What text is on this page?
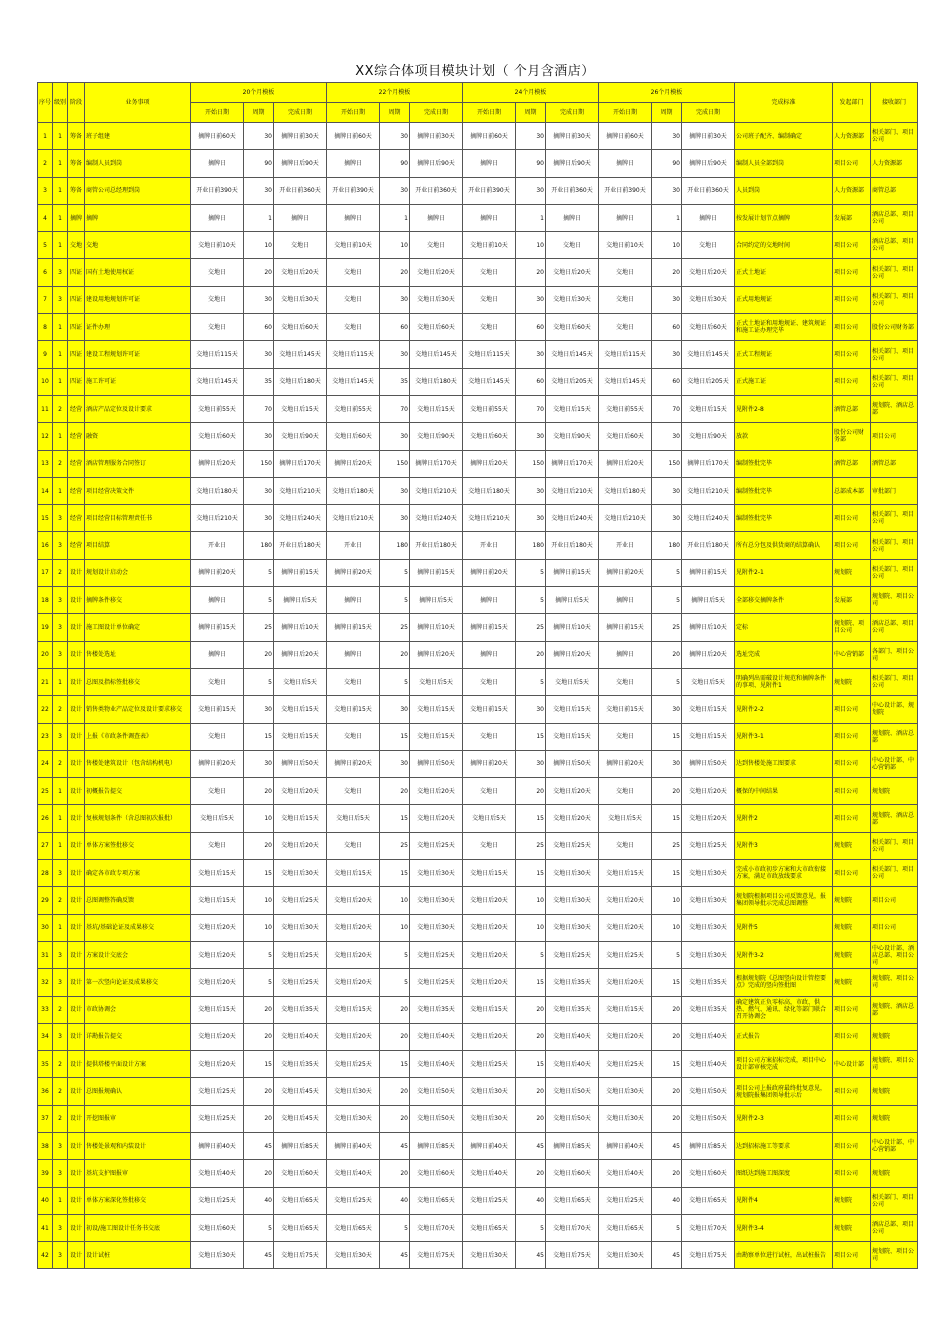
XX综合体项目模块计划（ 个月含酒店）
序号	级别	阶段	业务事项	20个月模板			22个月模板			24个月模板			26个月模板			完成标准	发起部门	接收部门
				开始日期	周期	完成日期	开始日期	周期	完成日期	开始日期	周期	完成日期	开始日期	周期	完成日期			
1	1	筹备	班子组建	摘牌日前60天	30	摘牌日前30天	摘牌日前60天	30	摘牌日前30天	摘牌日前60天	30	摘牌日前30天	摘牌日前60天	30	摘牌日前30天	公司班子配齐、编制确定	人力资源部	相关部门、项目公司
2	1	筹备	编制人员到岗	摘牌日	90	摘牌日后90天	摘牌日	90	摘牌日后90天	摘牌日	90	摘牌日后90天	摘牌日	90	摘牌日后90天	编制人员全部到岗	项目公司	人力资源部
3	1	筹备	商管公司总经理到岗	开业日前390天	30	开业日前360天	开业日前390天	30	开业日前360天	开业日前390天	30	开业日前360天	开业日前390天	30	开业日前360天	人员到岗	人力资源部	商管总部
4	1	摘牌	摘牌	摘牌日	1	摘牌日	摘牌日	1	摘牌日	摘牌日	1	摘牌日	摘牌日	1	摘牌日	按发展计划节点摘牌	发展部	酒店总部、项目公司
5	1	交地	交地	交地日前10天	10	交地日	交地日前10天	10	交地日	交地日前10天	10	交地日	交地日前10天	10	交地日	合同约定的交地时间	项目公司	酒店总部、项目公司
6	3	四证	国有土地使用权证	交地日	20	交地日后20天	交地日	20	交地日后20天	交地日	20	交地日后20天	交地日	20	交地日后20天	正式土地证	项目公司	相关部门、项目公司
7	3	四证	建设用地规划许可证	交地日	30	交地日后30天	交地日	30	交地日后30天	交地日	30	交地日后30天	交地日	30	交地日后30天	正式用地规证	项目公司	相关部门、项目公司
8	1	四证	证件办理	交地日	60	交地日后60天	交地日	60	交地日后60天	交地日	60	交地日后60天	交地日	60	交地日后60天	正式土地证和用地规证、建筑规证和施工证办理完毕	项目公司	股份公司财务部
9	1	四证	建设工程规划许可证	交地日后115天	30	交地日后145天	交地日后115天	30	交地日后145天	交地日后115天	30	交地日后145天	交地日后115天	30	交地日后145天	正式工程规证	项目公司	相关部门、项目公司
10	1	四证	施工许可证	交地日后145天	35	交地日后180天	交地日后145天	35	交地日后180天	交地日后145天	60	交地日后205天	交地日后145天	60	交地日后205天	正式施工证	项目公司	相关部门、项目公司
11	2	经营	酒店产品定位及设计要求	交地日前55天	70	交地日后15天	交地日前55天	70	交地日后15天	交地日前55天	70	交地日后15天	交地日前55天	70	交地日后15天	见附件2-8	酒管总部	规划院、酒店总部
12	1	经营	融资	交地日后60天	30	交地日后90天	交地日后60天	30	交地日后90天	交地日后60天	30	交地日后90天	交地日后60天	30	交地日后90天	放款	股份公司财务部	项目公司
13	2	经营	酒店管理服务合同签订	摘牌日后20天	150	摘牌日后170天	摘牌日后20天	150	摘牌日后170天	摘牌日后20天	150	摘牌日后170天	摘牌日后20天	150	摘牌日后170天	编制签批完毕	酒管总部	酒管总部
14	1	经营	项目经营决策文件	交地日后180天	30	交地日后210天	交地日后180天	30	交地日后210天	交地日后180天	30	交地日后210天	交地日后180天	30	交地日后210天	编制签批完毕	总部成本部	审批部门
15	3	经营	项目经营目标管理责任书	交地日后210天	30	交地日后240天	交地日后210天	30	交地日后240天	交地日后210天	30	交地日后240天	交地日后210天	30	交地日后240天	编制签批完毕	项目公司	相关部门、项目公司
16	3	经营	项目结算	开业日	180	开业日后180天	开业日	180	开业日后180天	开业日	180	开业日后180天	开业日	180	开业日后180天	所有总分包及供货商的结算确认	项目公司	相关部门、项目公司
17	2	设计	规划设计启动会	摘牌日前20天	5	摘牌日前15天	摘牌日前20天	5	摘牌日前15天	摘牌日前20天	5	摘牌日前15天	摘牌日前20天	5	摘牌日前15天	见附件2-1	规划院	相关部门、项目公司
18	3	设计	摘牌条件移交	摘牌日	5	摘牌日后5天	摘牌日	5	摘牌日后5天	摘牌日	5	摘牌日后5天	摘牌日	5	摘牌日后5天	全部移交摘牌条件	发展部	规划院、项目公司
19	3	设计	施工图设计单位确定	摘牌日前15天	25	摘牌日后10天	摘牌日前15天	25	摘牌日后10天	摘牌日前15天	25	摘牌日后10天	摘牌日前15天	25	摘牌日后10天	定标	规划院、项目公司	酒店总部、项目公司
20	3	设计	售楼处选址	摘牌日	20	摘牌日后20天	摘牌日	20	摘牌日后20天	摘牌日	20	摘牌日后20天	摘牌日	20	摘牌日后20天	选址完成	中心营销部	各部门、项目公司
21	1	设计	总图及指标签批移交	交地日	5	交地日后5天	交地日	5	交地日后5天	交地日	5	交地日后5天	交地日	5	交地日后5天	明确列出需破设计规范和摘牌条件的事项、见附件1	规划院	相关部门、项目公司
22	2	设计	销售类物业产品定位及设计要求移交	交地日前15天	30	交地日后15天	交地日前15天	30	交地日后15天	交地日前15天	30	交地日后15天	交地日前15天	30	交地日后15天	见附件2-2	项目公司	中心设计部、规划院
23	3	设计	上报《市政条件调查表》	交地日	15	交地日后15天	交地日	15	交地日后15天	交地日	15	交地日后15天	交地日	15	交地日后15天	见附件3-1	项目公司	规划院、酒店总部
24	2	设计	售楼处建筑设计（包含结构机电）	摘牌日前20天	30	摘牌日后50天	摘牌日前20天	30	摘牌日后50天	摘牌日前20天	30	摘牌日后50天	摘牌日前20天	30	摘牌日后50天	达到售楼处施工图要求	项目公司	中心设计部、中心营销部
25	1	设计	初概报告提交	交地日	20	交地日后20天	交地日	20	交地日后20天	交地日	20	交地日后20天	交地日	20	交地日后20天	概保的中间结果	项目公司	规划院
26	1	设计	复核规划条件（含总图初次报批）	交地日后5天	10	交地日后15天	交地日后5天	15	交地日后20天	交地日后5天	15	交地日后20天	交地日后5天	15	交地日后20天	见附件2	项目公司	规划院、酒店总部
27	1	设计	单体方案签批移交	交地日	20	交地日后20天	交地日	25	交地日后25天	交地日	25	交地日后25天	交地日	25	交地日后25天	见附件3	规划院	相关部门、项目公司
28	3	设计	确定各市政专项方案	交地日后15天	15	交地日后30天	交地日后15天	15	交地日后30天	交地日后15天	15	交地日后30天	交地日后15天	15	交地日后30天	完成小市政初步方案和大市政衔接方案，满足市政放线要求	项目公司	相关部门、项目公司
29	2	设计	总图调整答确反馈	交地日后15天	10	交地日后25天	交地日后20天	10	交地日后30天	交地日后20天	10	交地日后30天	交地日后20天	10	交地日后30天	规划院根据项目公司反馈意见，报集团领导批示完成总图调整	规划院	项目公司
30	1	设计	基坑/基础论证及成果移交	交地日后20天	10	交地日后30天	交地日后20天	10	交地日后30天	交地日后20天	10	交地日后30天	交地日后20天	10	交地日后30天	见附件5	规划院	项目公司
31	3	设计	方案设计交底会	交地日后20天	5	交地日后25天	交地日后20天	5	交地日后25天	交地日后20天	5	交地日后25天	交地日后25天	5	交地日后30天	见附件3-2	规划院	中心设计部、酒店总部、项目公司
32	3	设计	第一次竖向论证及成果移交	交地日后20天	5	交地日后25天	交地日后20天	5	交地日后25天	交地日后20天	15	交地日后35天	交地日后20天	15	交地日后35天	根据规划院《总图竖向设计管控要点》完成的竖向签批图	规划院	规划院、项目公司
33	2	设计	市政协调会	交地日后15天	20	交地日后35天	交地日后15天	20	交地日后35天	交地日后15天	20	交地日后35天	交地日后15天	20	交地日后35天	确定建筑正负零标高，市政、供热、燃气、通讯、绿化等部门联合召开协调会	项目公司	规划院、酒店总部
34	3	设计	详勘报告提交	交地日后20天	20	交地日后40天	交地日后20天	20	交地日后40天	交地日后20天	20	交地日后40天	交地日后20天	20	交地日后40天	正式报告	项目公司	规划院
35	2	设计	提供塔楼平面设计方案	交地日后20天	15	交地日后35天	交地日后25天	15	交地日后40天	交地日后25天	15	交地日后40天	交地日后25天	15	交地日后40天	项目公司方案招标完成，项目中心设计部审核完成	中心设计部	规划院、项目公司
36	2	设计	总图报规确认	交地日后25天	20	交地日后45天	交地日后30天	20	交地日后50天	交地日后30天	20	交地日后50天	交地日后30天	20	交地日后50天	项目公司上报政府最终批复意见，规划院报集团领导批示后	项目公司	规划院
37	2	设计	开挖图报审	交地日后25天	20	交地日后45天	交地日后30天	20	交地日后50天	交地日后30天	20	交地日后50天	交地日后30天	20	交地日后50天	见附件2-3	项目公司	规划院
38	3	设计	售楼处景观和内装设计	摘牌日前40天	45	摘牌日后85天	摘牌日前40天	45	摘牌日后85天	摘牌日前40天	45	摘牌日后85天	摘牌日前40天	45	摘牌日后85天	达到招标施工等要求	项目公司	中心设计部、中心营销部
39	3	设计	基坑支护图报审	交地日后40天	20	交地日后60天	交地日后40天	20	交地日后60天	交地日后40天	20	交地日后60天	交地日后40天	20	交地日后60天	图纸达到施工图深度	项目公司	规划院
40	1	设计	单体方案深化签批移交	交地日后25天	40	交地日后65天	交地日后25天	40	交地日后65天	交地日后25天	40	交地日后65天	交地日后25天	40	交地日后65天	见附件4	规划院	相关部门、项目公司
41	3	设计	初设/施工图设计任务书交底	交地日后60天	5	交地日后65天	交地日后65天	5	交地日后70天	交地日后65天	5	交地日后70天	交地日后65天	5	交地日后70天	见附件3-4	规划院	酒店总部、项目公司
42	3	设计	设计试桩	交地日后30天	45	交地日后75天	交地日后30天	45	交地日后75天	交地日后30天	45	交地日后75天	交地日后30天	45	交地日后75天	由勘察单位进行试桩，出试桩报告	项目公司	规划院、项目公司
